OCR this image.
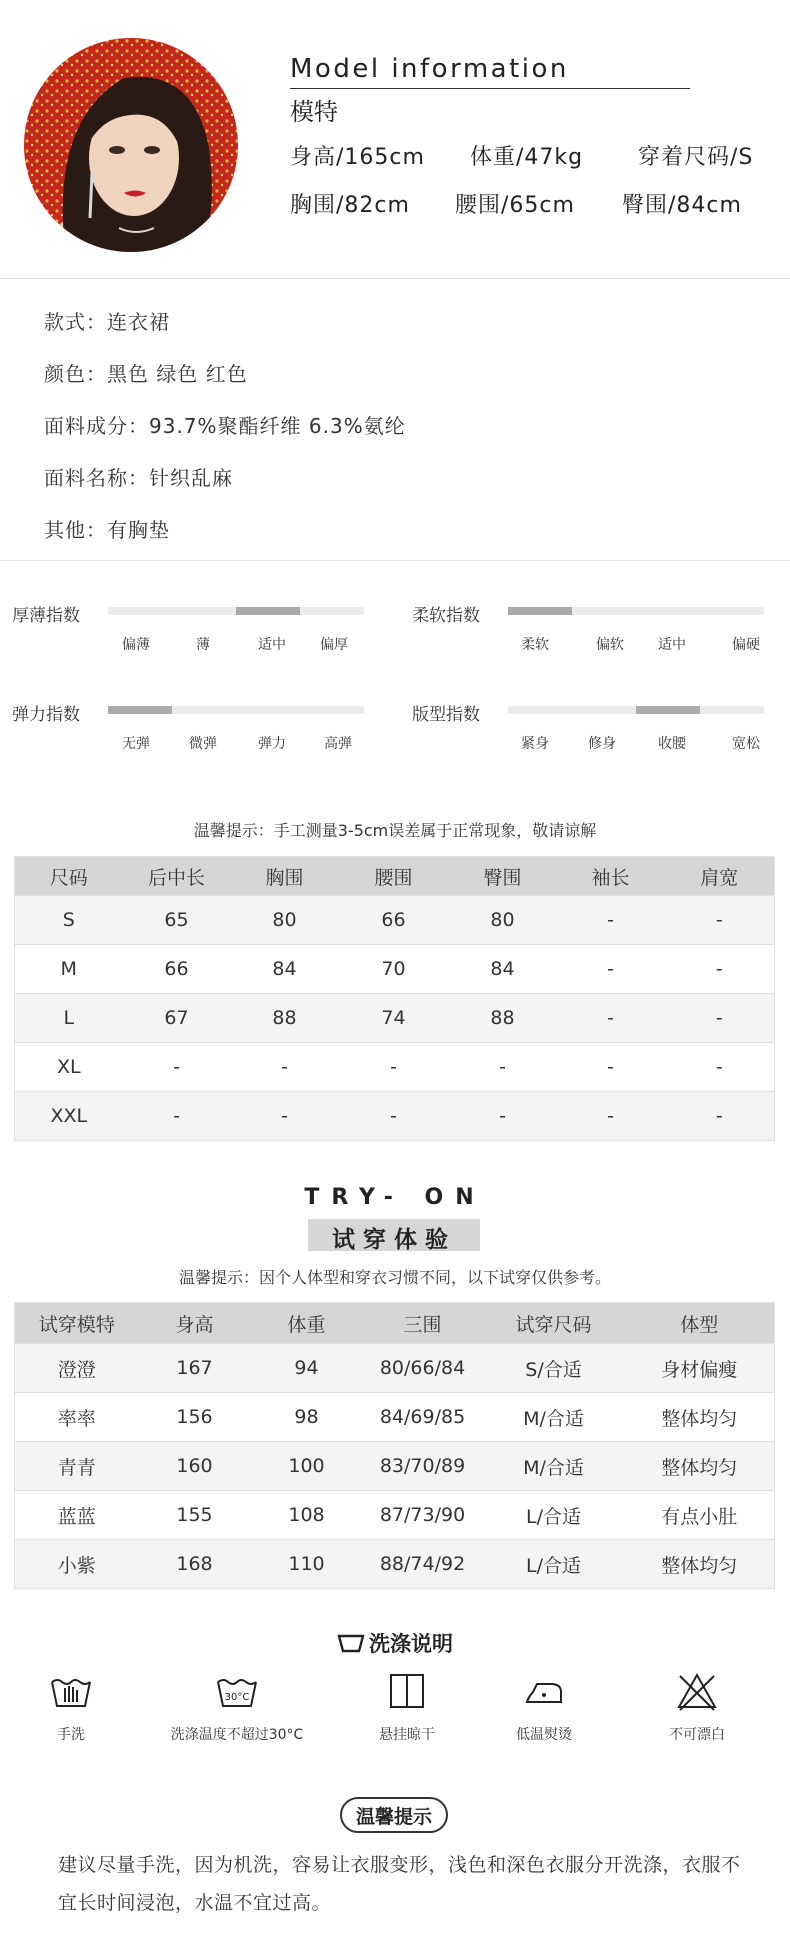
Model information
模特
身高/165cm 体重/47kg 穿着尺码/S
胸围/82cm 腰围/65cm 臀围/84cm
款式：连衣裙
颜色：黑色 绿色 红色
面料成分：93.7%聚酯纤维 6.3%氨纶
面料名称：针织乱麻
其他：有胸垫
厚薄指数
偏薄	薄	适中	偏厚
柔软指数
柔软	偏软	适中	偏硬
弹力指数
无弹	微弹	弹力	高弹
版型指数
紧身	修身	收腰	宽松
温馨提示：手工测量3-5cm误差属于正常现象，敬请谅解
尺码	后中长	胸围	腰围	臀围	袖长	肩宽
S	65	80	66	80	-	-
M	66	84	70	84	-	-
L	67	88	74	88	-	-
XL	-	-	-	-	-	-
XXL	-	-	-	-	-	-
TRY- ON
试穿体验
温馨提示：因个人体型和穿衣习惯不同，以下试穿仅供参考。
试穿模特	身高	体重	三围	试穿尺码	体型
澄澄	167	94	80/66/84	S/合适	身材偏瘦
率率	156	98	84/69/85	M/合适	整体均匀
青青	160	100	83/70/89	M/合适	整体均匀
蓝蓝	155	108	87/73/90	L/合适	有点小肚
小紫	168	110	88/74/92	L/合适	整体均匀
洗涤说明
手洗
30°C
洗涤温度不超过30°C	悬挂晾干	低温熨烫	不可漂白
温馨提示
建议尽量手洗，因为机洗，容易让衣服变形，浅色和深色衣服分开洗涤，衣服不宜长时间浸泡，水温不宜过高。
